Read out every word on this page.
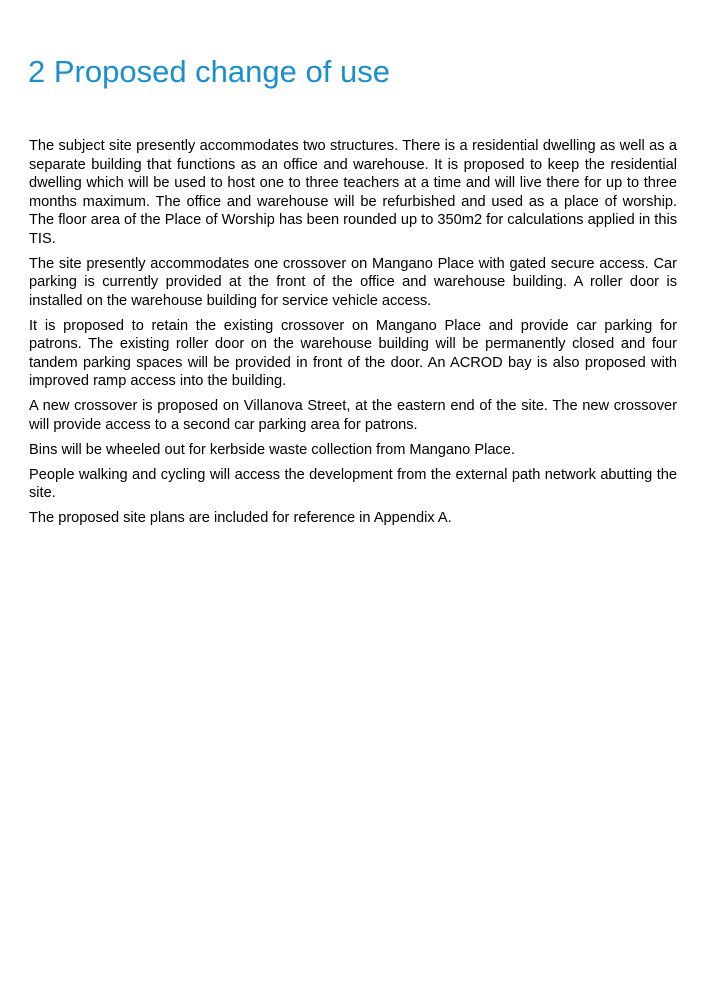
2 Proposed change of use

The subject site presently accommodates two structures. There is a residential dwelling as well as a separate building that functions as an office and warehouse. It is proposed to keep the residential dwelling which will be used to host one to three teachers at a time and will live there for up to three months maximum. The office and warehouse will be refurbished and used as a place of worship. The floor area of the Place of Worship has been rounded up to 350m2 for calculations applied in this TIS.

The site presently accommodates one crossover on Mangano Place with gated secure access. Car parking is currently provided at the front of the office and warehouse building. A roller door is installed on the warehouse building for service vehicle access.

It is proposed to retain the existing crossover on Mangano Place and provide car parking for patrons. The existing roller door on the warehouse building will be permanently closed and four tandem parking spaces will be provided in front of the door. An ACROD bay is also proposed with improved ramp access into the building.

A new crossover is proposed on Villanova Street, at the eastern end of the site. The new crossover will provide access to a second car parking area for patrons.

Bins will be wheeled out for kerbside waste collection from Mangano Place.

People walking and cycling will access the development from the external path network abutting the site.

The proposed site plans are included for reference in Appendix A.
